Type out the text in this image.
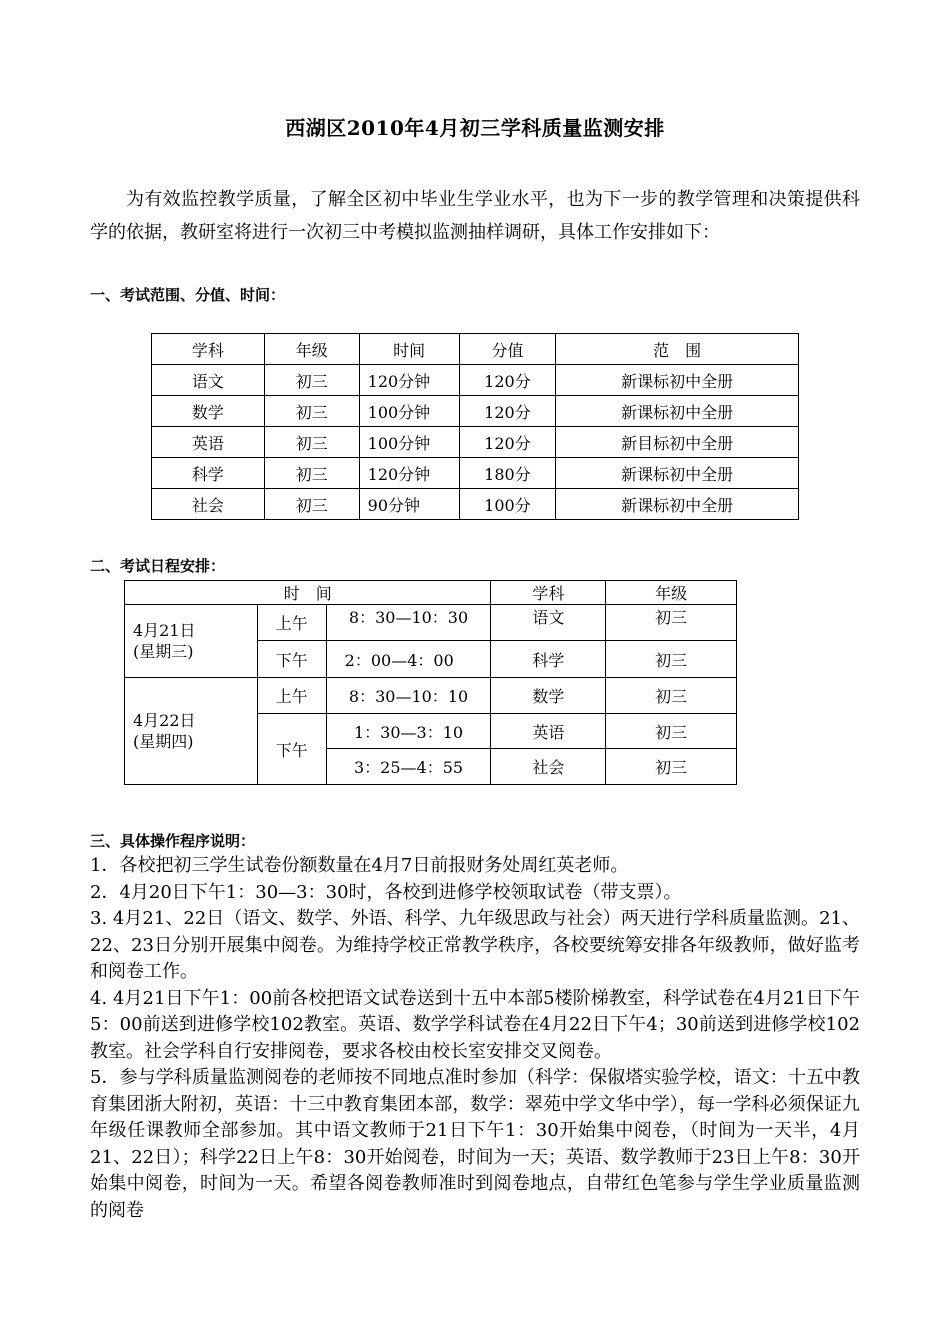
西湖区2010年4月初三学科质量监测安排

为有效监控教学质量，了解全区初中毕业生学业水平，也为下一步的教学管理和决策提供科学的依据，教研室将进行一次初三中考模拟监测抽样调研，具体工作安排如下：

一、考试范围、分值、时间：
学科	年级	时间	分值	范　围
语文	初三	120分钟	120分	新课标初中全册
数学	初三	100分钟	120分	新课标初中全册
英语	初三	100分钟	120分	新目标初中全册
科学	初三	120分钟	180分	新课标初中全册
社会	初三	90分钟	100分	新课标初中全册
二、考试日程安排：
时　间			学科	年级

4月21日
(星期三)	上午	8：30—10：30	语文	初三
	下午	2：00—4：00	科学	初三

4月22日
(星期四)	上午	8：30—10：10	数学	初三
	下午	1：30—3：10	英语	初三
		3：25—4：55	社会	初三
三、具体操作程序说明：

1．各校把初三学生试卷份额数量在4月7日前报财务处周红英老师。

2．4月20日下午1：30—3：30时，各校到进修学校领取试卷（带支票）。

3. 4月21、22日（语文、数学、外语、科学、九年级思政与社会）两天进行学科质量监测。21、22、23日分别开展集中阅卷。为维持学校正常教学秩序，各校要统筹安排各年级教师，做好监考和阅卷工作。

4. 4月21日下午1：00前各校把语文试卷送到十五中本部5楼阶梯教室，科学试卷在4月21日下午5：00前送到进修学校102教室。英语、数学学科试卷在4月22日下午4；30前送到进修学校102教室。社会学科自行安排阅卷，要求各校由校长室安排交叉阅卷。

5．参与学科质量监测阅卷的老师按不同地点准时参加（科学：保俶塔实验学校，语文：十五中教育集团浙大附初，英语：十三中教育集团本部，数学：翠苑中学文华中学），每一学科必须保证九年级任课教师全部参加。其中语文教师于21日下午1：30开始集中阅卷，（时间为一天半，4月21、22日）；科学22日上午8：30开始阅卷，时间为一天；英语、数学教师于23日上午8：30开始集中阅卷，时间为一天。希望各阅卷教师准时到阅卷地点，自带红色笔参与学生学业质量监测的阅卷
